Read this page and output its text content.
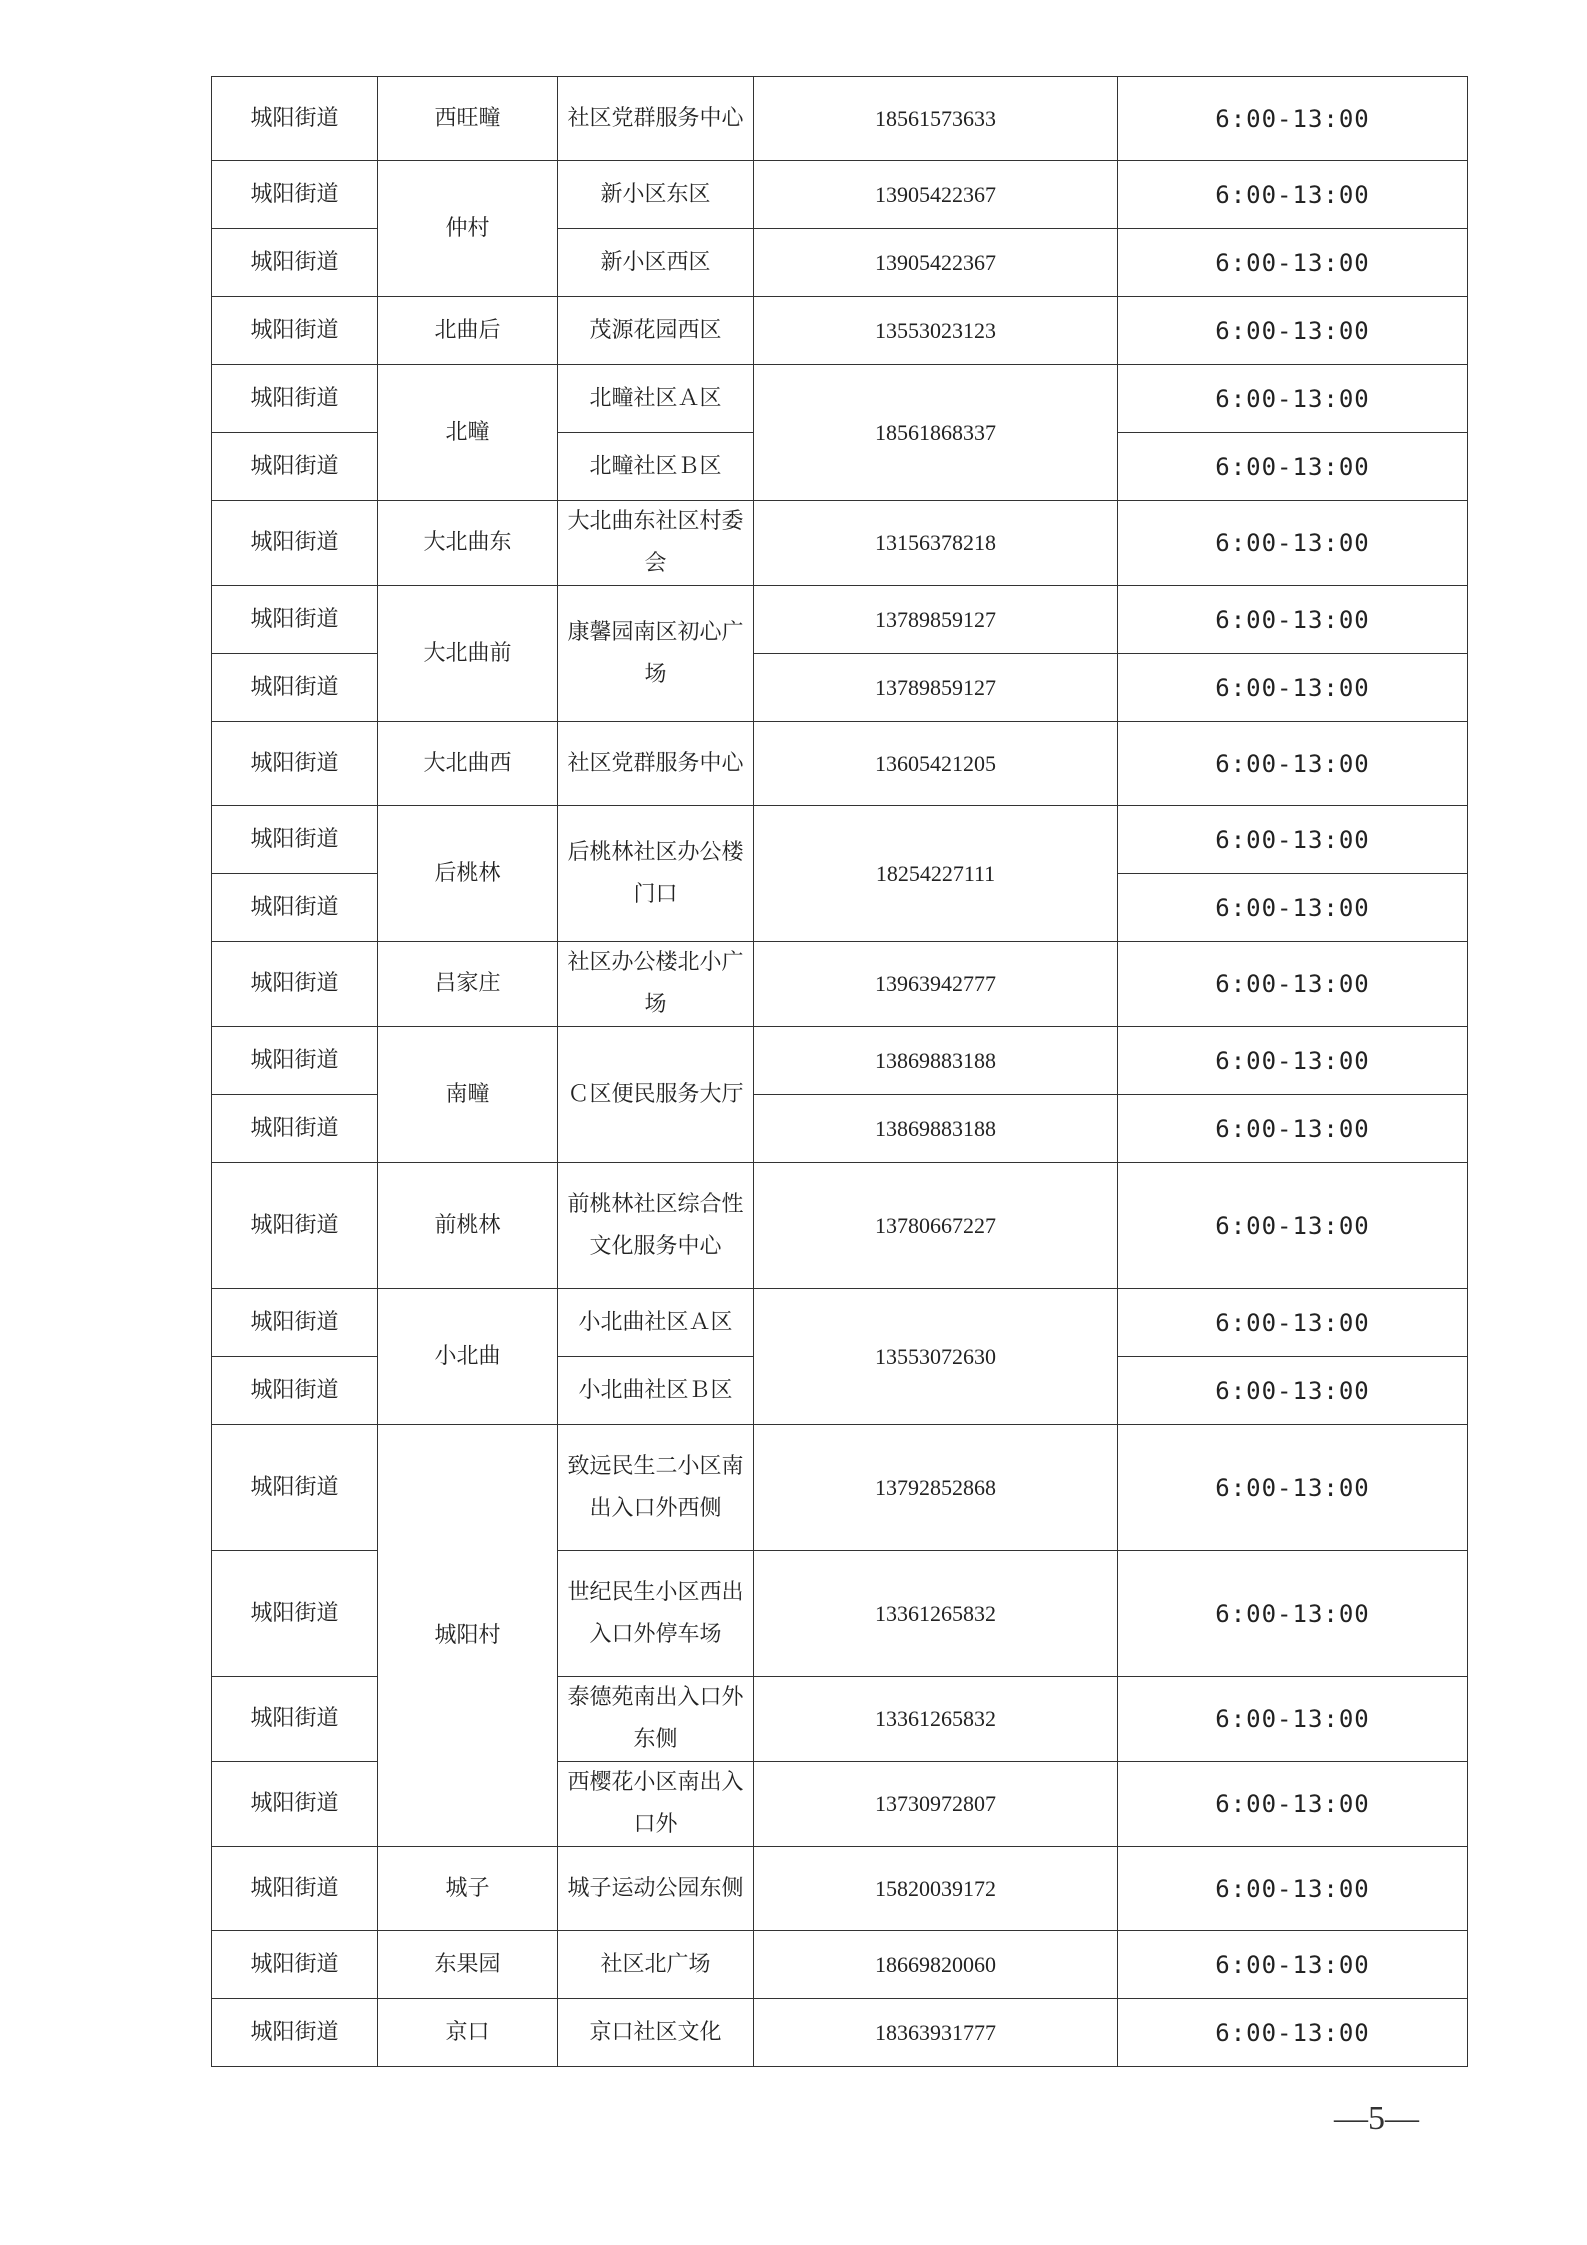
城阳街道	西旺疃	社区党群服务中心	18561573633	6:00-13:00
城阳街道	仲村	新小区东区	13905422367	6:00-13:00
城阳街道		新小区西区	13905422367	6:00-13:00
城阳街道	北曲后	茂源花园西区	13553023123	6:00-13:00
城阳街道	北疃	北疃社区Ａ区	18561868337	6:00-13:00
城阳街道		北疃社区Ｂ区		6:00-13:00
城阳街道	大北曲东	大北曲东社区村委会	13156378218	6:00-13:00
城阳街道	大北曲前	康馨园南区初心广场	13789859127	6:00-13:00
城阳街道			13789859127	6:00-13:00
城阳街道	大北曲西	社区党群服务中心	13605421205	6:00-13:00
城阳街道	后桃林	后桃林社区办公楼门口	18254227111	6:00-13:00
城阳街道				6:00-13:00
城阳街道	吕家庄	社区办公楼北小广场	13963942777	6:00-13:00
城阳街道	南疃	Ｃ区便民服务大厅	13869883188	6:00-13:00
城阳街道			13869883188	6:00-13:00
城阳街道	前桃林	前桃林社区综合性文化服务中心	13780667227	6:00-13:00
城阳街道	小北曲	小北曲社区Ａ区	13553072630	6:00-13:00
城阳街道		小北曲社区Ｂ区		6:00-13:00
城阳街道	城阳村	致远民生二小区南出入口外西侧	13792852868	6:00-13:00
城阳街道		世纪民生小区西出入口外停车场	13361265832	6:00-13:00
城阳街道		泰德苑南出入口外东侧	13361265832	6:00-13:00
城阳街道		西樱花小区南出入口外	13730972807	6:00-13:00
城阳街道	城子	城子运动公园东侧	15820039172	6:00-13:00
城阳街道	东果园	社区北广场	18669820060	6:00-13:00
城阳街道	京口	京口社区文化	18363931777	6:00-13:00
—5—
